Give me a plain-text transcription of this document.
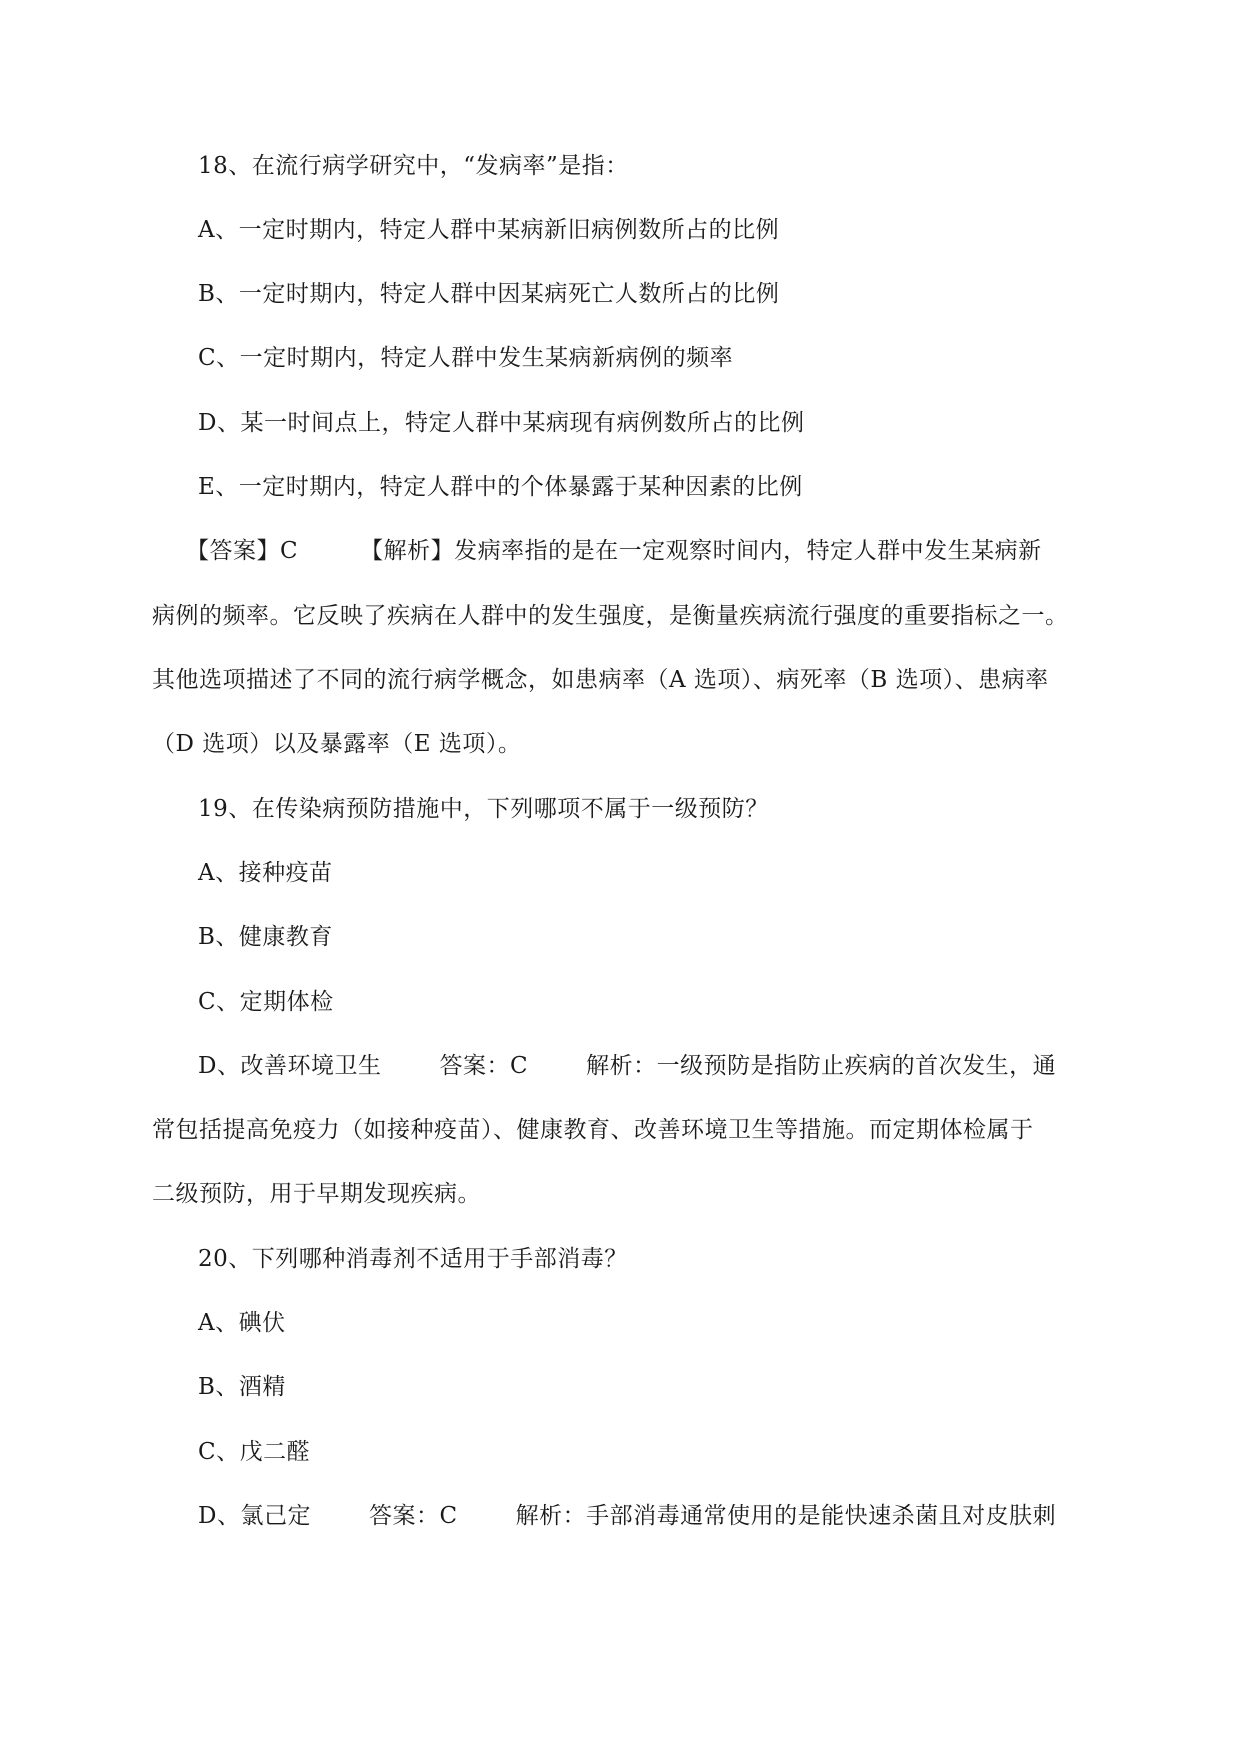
18、在流行病学研究中，“发病率”是指：
A、一定时期内，特定人群中某病新旧病例数所占的比例
B、一定时期内，特定人群中因某病死亡人数所占的比例
C、一定时期内，特定人群中发生某病新病例的频率
D、某一时间点上，特定人群中某病现有病例数所占的比例
E、一定时期内，特定人群中的个体暴露于某种因素的比例
【答案】C	【解析】发病率指的是在一定观察时间内，特定人群中发生某病新
病例的频率。它反映了疾病在人群中的发生强度，是衡量疾病流行强度的重要指标之一。
其他选项描述了不同的流行病学概念，如患病率（A 选项）、病死率（B 选项）、患病率
（D 选项）以及暴露率（E 选项）。
19、在传染病预防措施中，下列哪项不属于一级预防？
A、接种疫苗
B、健康教育
C、定期体检
D、改善环境卫生	答案：C	解析：一级预防是指防止疾病的首次发生，通
常包括提高免疫力（如接种疫苗）、健康教育、改善环境卫生等措施。而定期体检属于
二级预防，用于早期发现疾病。
20、下列哪种消毒剂不适用于手部消毒？
A、碘伏
B、酒精
C、戊二醛
D、氯己定	答案：C	解析：手部消毒通常使用的是能快速杀菌且对皮肤刺
